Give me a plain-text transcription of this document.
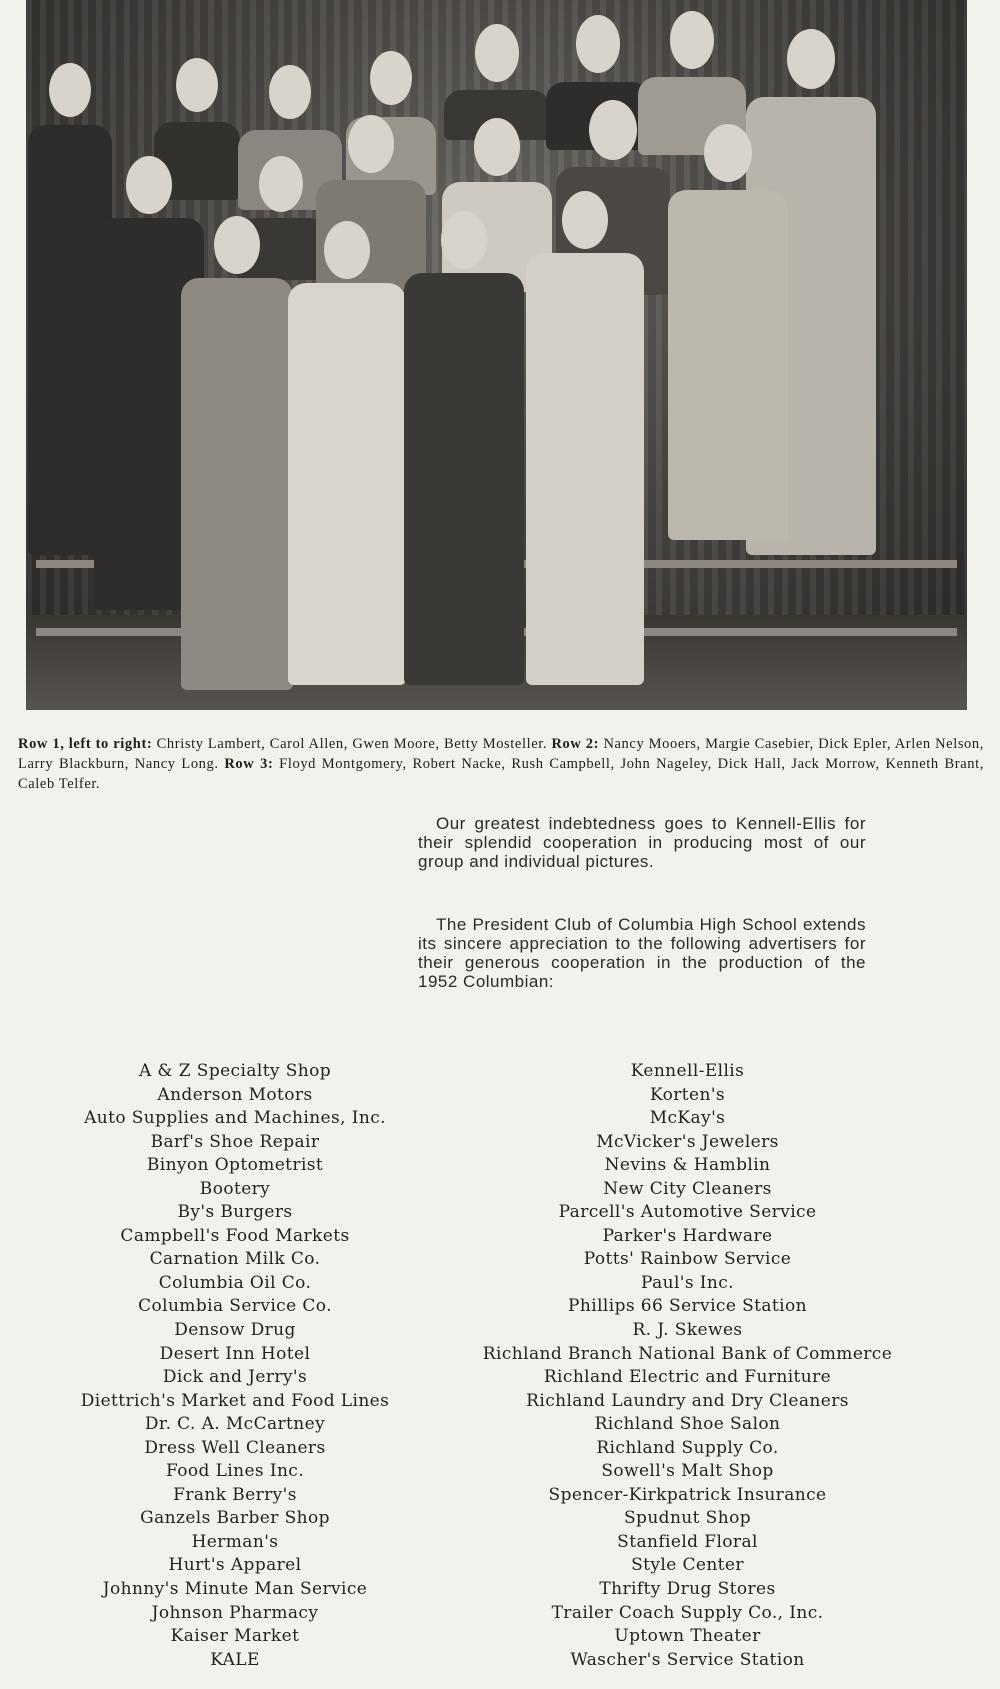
Row 1, left to right: Christy Lambert, Carol Allen, Gwen Moore, Betty Mosteller. Row 2: Nancy Mooers, Margie Casebier, Dick Epler, Arlen Nelson, Larry Blackburn, Nancy Long. Row 3: Floyd Montgomery, Robert Nacke, Rush Campbell, John Nageley, Dick Hall, Jack Morrow, Kenneth Brant, Caleb Telfer.

Our greatest indebtedness goes to Kennell-Ellis for their splendid cooperation in producing most of our group and individual pictures.

The President Club of Columbia High School extends its sincere appreciation to the following advertisers for their generous cooperation in the production of the 1952 Columbian:

A & Z Specialty Shop
Anderson Motors
Auto Supplies and Machines, Inc.
Barf's Shoe Repair
Binyon Optometrist
Bootery
By's Burgers
Campbell's Food Markets
Carnation Milk Co.
Columbia Oil Co.
Columbia Service Co.
Densow Drug
Desert Inn Hotel
Dick and Jerry's
Diettrich's Market and Food Lines
Dr. C. A. McCartney
Dress Well Cleaners
Food Lines Inc.
Frank Berry's
Ganzels Barber Shop
Herman's
Hurt's Apparel
Johnny's Minute Man Service
Johnson Pharmacy
Kaiser Market
KALE
Kennell-Ellis
Korten's
McKay's
McVicker's Jewelers
Nevins & Hamblin
New City Cleaners
Parcell's Automotive Service
Parker's Hardware
Potts' Rainbow Service
Paul's Inc.
Phillips 66 Service Station
R. J. Skewes
Richland Branch National Bank of Commerce
Richland Electric and Furniture
Richland Laundry and Dry Cleaners
Richland Shoe Salon
Richland Supply Co.
Sowell's Malt Shop
Spencer-Kirkpatrick Insurance
Spudnut Shop
Stanfield Floral
Style Center
Thrifty Drug Stores
Trailer Coach Supply Co., Inc.
Uptown Theater
Wascher's Service Station
